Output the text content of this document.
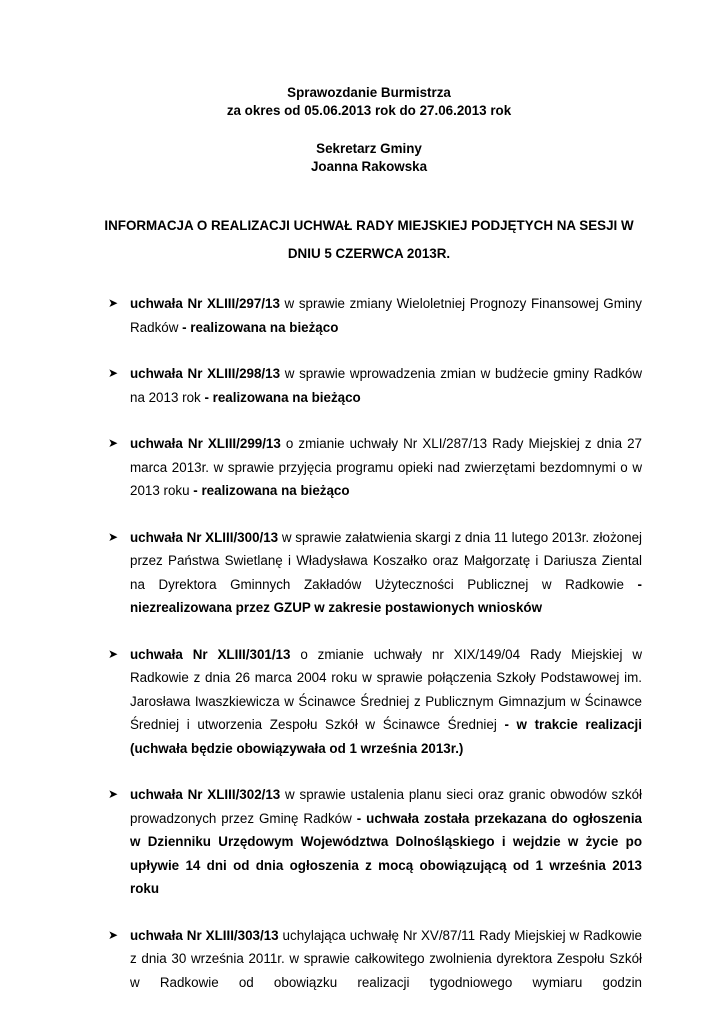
Sprawozdanie Burmistrza
za okres od 05.06.2013 rok do 27.06.2013 rok
Sekretarz Gminy
Joanna Rakowska
INFORMACJA O REALIZACJI UCHWAŁ RADY MIEJSKIEJ PODJĘTYCH NA SESJI W
DNIU 5 CZERWCA 2013R.
➤ uchwała Nr XLIII/297/13 w sprawie zmiany Wieloletniej Prognozy Finansowej Gminy Radków - realizowana na bieżąco
➤ uchwała Nr XLIII/298/13 w sprawie wprowadzenia zmian w budżecie gminy Radków na 2013 rok - realizowana na bieżąco
➤ uchwała Nr XLIII/299/13 o zmianie uchwały Nr XLI/287/13 Rady Miejskiej z dnia 27 marca 2013r. w sprawie przyjęcia programu opieki nad zwierzętami bezdomnymi o w 2013 roku - realizowana na bieżąco
➤ uchwała Nr XLIII/300/13 w sprawie załatwienia skargi z dnia 11 lutego 2013r. złożonej przez Państwa Swietlanę i Władysława Koszałko oraz Małgorzatę i Dariusza Ziental na Dyrektora Gminnych Zakładów Użyteczności Publicznej w Radkowie - niezrealizowana przez GZUP w zakresie postawionych wniosków
➤ uchwała Nr XLIII/301/13 o zmianie uchwały nr XIX/149/04 Rady Miejskiej w Radkowie z dnia 26 marca 2004 roku w sprawie połączenia Szkoły Podstawowej im. Jarosława Iwaszkiewicza w Ścinawce Średniej z Publicznym Gimnazjum w Ścinawce Średniej i utworzenia Zespołu Szkół w Ścinawce Średniej - w trakcie realizacji (uchwała będzie obowiązywała od 1 września 2013r.)
➤ uchwała Nr XLIII/302/13 w sprawie ustalenia planu sieci oraz granic obwodów szkół prowadzonych przez Gminę Radków - uchwała została przekazana do ogłoszenia w Dzienniku Urzędowym Województwa Dolnośląskiego i wejdzie w życie po upływie 14 dni od dnia ogłoszenia z mocą obowiązującą od 1 września 2013 roku
➤ uchwała Nr XLIII/303/13 uchylająca uchwałę Nr XV/87/11 Rady Miejskiej w Radkowie z dnia 30 września 2011r. w sprawie całkowitego zwolnienia dyrektora Zespołu Szkół w Radkowie od obowiązku realizacji tygodniowego wymiaru godzin
